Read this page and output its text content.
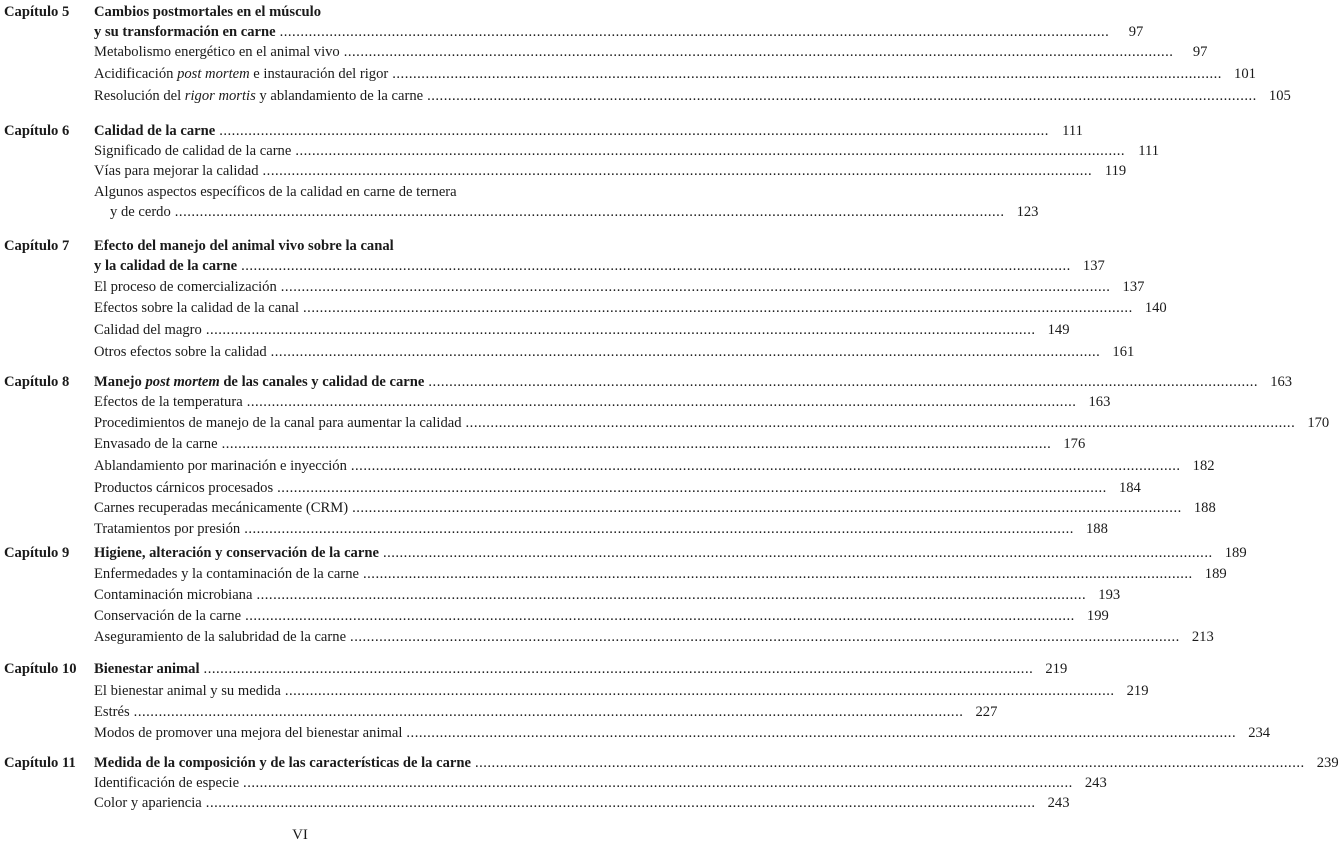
Capítulo 5 Cambios postmortales en el músculo
y su transformación en carne ........................................................................................................................................................................................................	97
Metabolismo energético en el animal vivo ........................................................................................................................................................................................................	97
Acidificación post mortem e instauración del rigor ........................................................................................................................................................................................................ 101
Resolución del rigor mortis y ablandamiento de la carne ........................................................................................................................................................................................................ 105
Capítulo 6 Calidad de la carne ........................................................................................................................................................................................................ 111
Significado de calidad de la carne ........................................................................................................................................................................................................ 111
Vías para mejorar la calidad ........................................................................................................................................................................................................ 119
Algunos aspectos específicos de la calidad en carne de ternera
y de cerdo ........................................................................................................................................................................................................ 123
Capítulo 7 Efecto del manejo del animal vivo sobre la canal
y la calidad de la carne ........................................................................................................................................................................................................ 137
El proceso de comercialización ........................................................................................................................................................................................................ 137
Efectos sobre la calidad de la canal ........................................................................................................................................................................................................ 140
Calidad del magro ........................................................................................................................................................................................................ 149
Otros efectos sobre la calidad ........................................................................................................................................................................................................ 161
Capítulo 8 Manejo post mortem de las canales y calidad de carne ........................................................................................................................................................................................................ 163
Efectos de la temperatura ........................................................................................................................................................................................................ 163
Procedimientos de manejo de la canal para aumentar la calidad ........................................................................................................................................................................................................ 170
Envasado de la carne ........................................................................................................................................................................................................ 176
Ablandamiento por marinación e inyección ........................................................................................................................................................................................................ 182
Productos cárnicos procesados ........................................................................................................................................................................................................ 184
Carnes recuperadas mecánicamente (CRM) ........................................................................................................................................................................................................ 188
Tratamientos por presión ........................................................................................................................................................................................................ 188
Capítulo 9 Higiene, alteración y conservación de la carne ........................................................................................................................................................................................................ 189
Enfermedades y la contaminación de la carne ........................................................................................................................................................................................................ 189
Contaminación microbiana ........................................................................................................................................................................................................ 193
Conservación de la carne ........................................................................................................................................................................................................ 199
Aseguramiento de la salubridad de la carne ........................................................................................................................................................................................................ 213
Capítulo 10 Bienestar animal ........................................................................................................................................................................................................ 219
El bienestar animal y su medida ........................................................................................................................................................................................................ 219
Estrés ........................................................................................................................................................................................................ 227
Modos de promover una mejora del bienestar animal ........................................................................................................................................................................................................ 234
Capítulo 11 Medida de la composición y de las características de la carne ........................................................................................................................................................................................................ 239
Identificación de especie ........................................................................................................................................................................................................ 243
Color y apariencia ........................................................................................................................................................................................................ 243
VI
